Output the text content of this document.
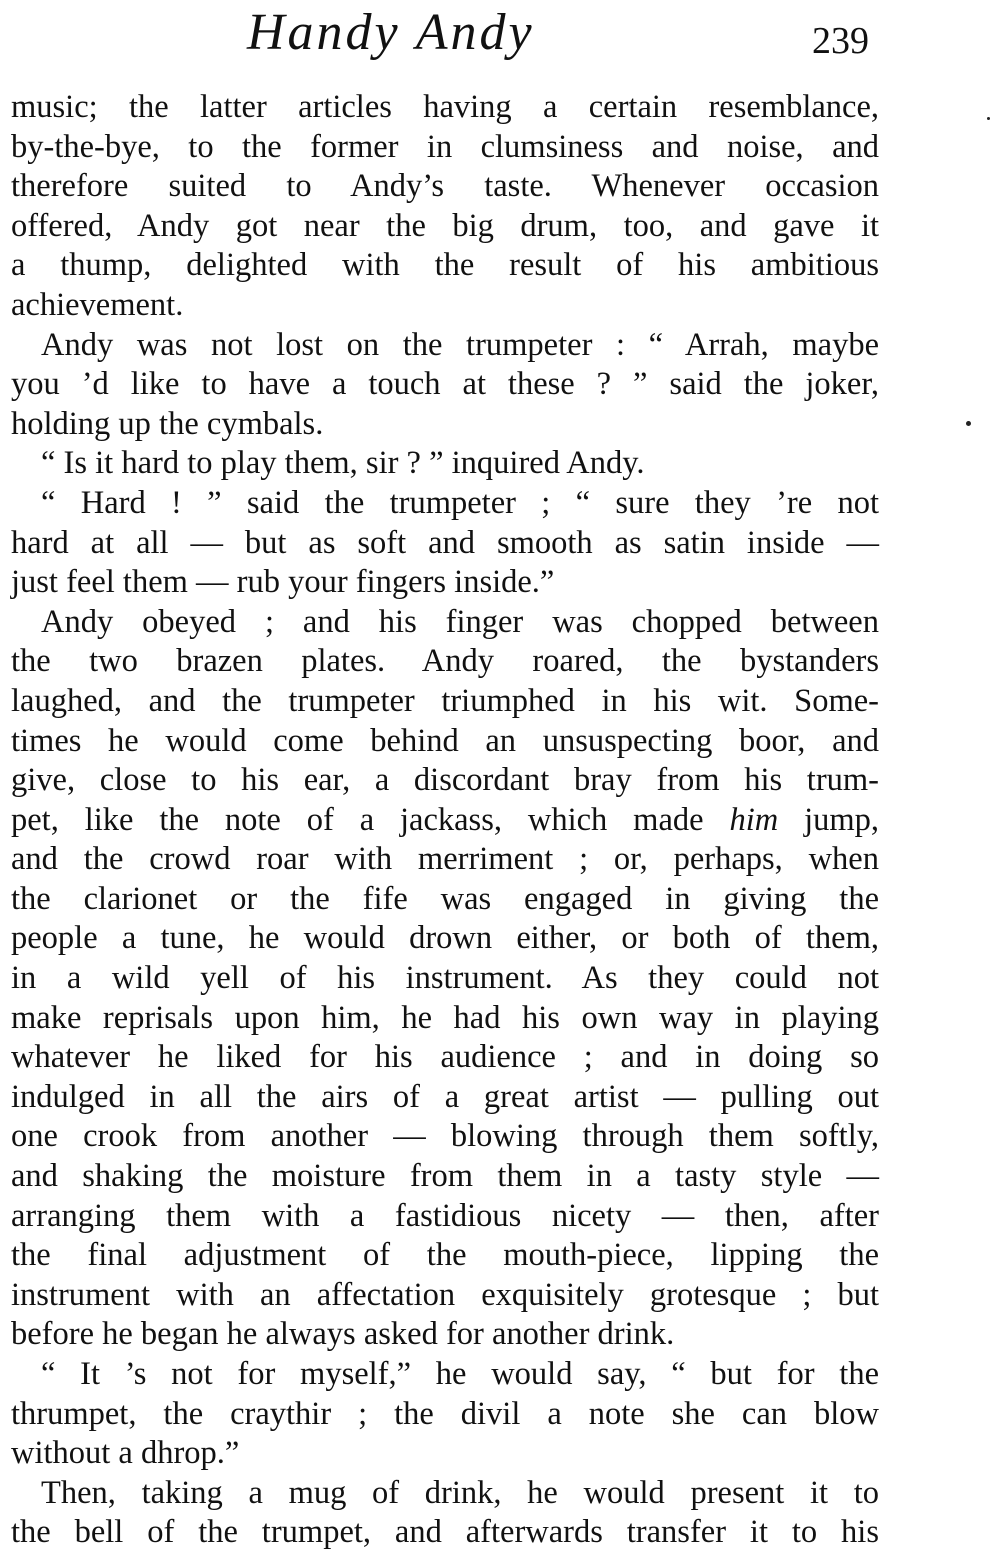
Handy Andy	239
music; the latter articles having a certain resemblance,
by-the-bye, to the former in clumsiness and noise, and
therefore suited to Andy’s taste. Whenever occasion
offered, Andy got near the big drum, too, and gave it
a thump, delighted with the result of his ambitious
achievement.
Andy was not lost on the trumpeter : “ Arrah, maybe
you ’d like to have a touch at these ? ” said the joker,
holding up the cymbals.
“ Is it hard to play them, sir ? ” inquired Andy.
“ Hard ! ” said the trumpeter ; “ sure they ’re not
hard at all — but as soft and smooth as satin inside —
just feel them — rub your fingers inside.”
Andy obeyed ; and his finger was chopped between
the two brazen plates. Andy roared, the bystanders
laughed, and the trumpeter triumphed in his wit. Some-
times he would come behind an unsuspecting boor, and
give, close to his ear, a discordant bray from his trum-
pet, like the note of a jackass, which made him jump,
and the crowd roar with merriment ; or, perhaps, when
the clarionet or the fife was engaged in giving the
people a tune, he would drown either, or both of them,
in a wild yell of his instrument. As they could not
make reprisals upon him, he had his own way in playing
whatever he liked for his audience ; and in doing so
indulged in all the airs of a great artist — pulling out
one crook from another — blowing through them softly,
and shaking the moisture from them in a tasty style —
arranging them with a fastidious nicety — then, after
the final adjustment of the mouth-piece, lipping the
instrument with an affectation exquisitely grotesque ; but
before he began he always asked for another drink.
“ It ’s not for myself,” he would say, “ but for the
thrumpet, the craythir ; the divil a note she can blow
without a dhrop.”
Then, taking a mug of drink, he would present it to
the bell of the trumpet, and afterwards transfer it to his
